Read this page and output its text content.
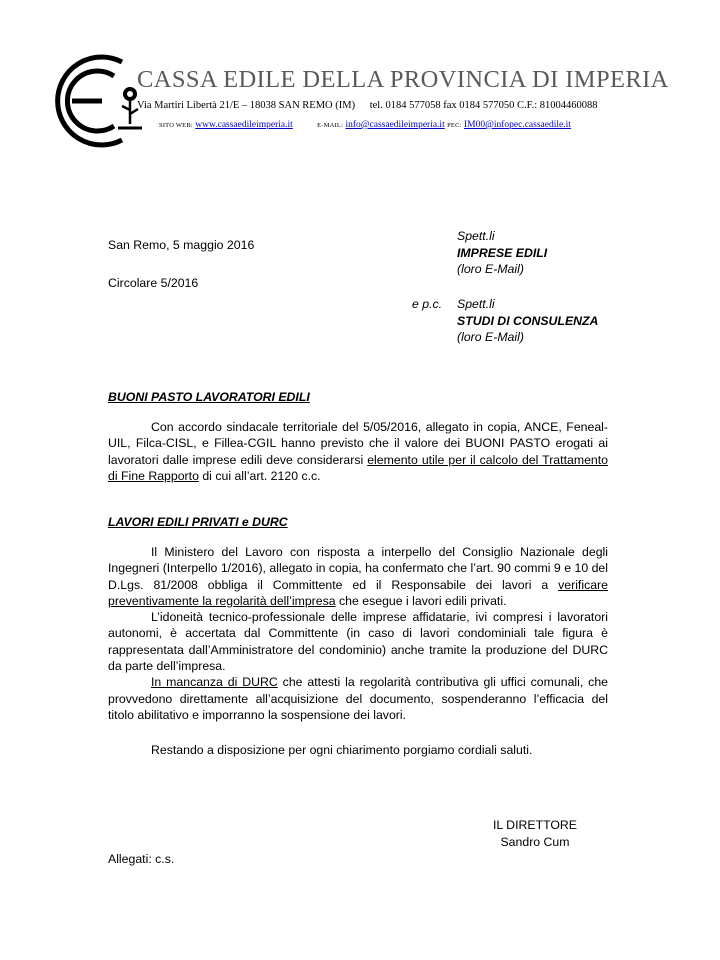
CASSA EDILE DELLA PROVINCIA DI IMPERIA
Via Martiri Libertà 21/E – 18038 SAN REMO (IM) tel. 0184 577058 fax 0184 577050 C.F.: 81004460088
SITO WEB: www.cassaedileimperia.it	E-MAIL: info@cassaedileimperia.it PEC: IM00@infopec.cassaedile.it
San Remo, 5 maggio 2016
Circolare 5/2016
Spett.li
IMPRESE EDILI
(loro E-Mail)
e p.c. Spett.li
STUDI DI CONSULENZA
(loro E-Mail)
BUONI PASTO LAVORATORI EDILI

Con accordo sindacale territoriale del 5/05/2016, allegato in copia, ANCE, Feneal-UIL, Filca-CISL, e Fillea-CGIL hanno previsto che il valore dei BUONI PASTO erogati ai lavoratori dalle imprese edili deve considerarsi elemento utile per il calcolo del Trattamento di Fine Rapporto di cui all’art. 2120 c.c.

LAVORI EDILI PRIVATI e DURC

Il Ministero del Lavoro con risposta a interpello del Consiglio Nazionale degli Ingegneri (Interpello 1/2016), allegato in copia, ha confermato che l’art. 90 commi 9 e 10 del D.Lgs. 81/2008 obbliga il Committente ed il Responsabile dei lavori a verificare preventivamente la regolarità dell’impresa che esegue i lavori edili privati.

L’idoneità tecnico-professionale delle imprese affidatarie, ivi compresi i lavoratori autonomi, è accertata dal Committente (in caso di lavori condominiali tale figura è rappresentata dall’Amministratore del condominio) anche tramite la produzione del DURC da parte dell’impresa.

In mancanza di DURC che attesti la regolarità contributiva gli uffici comunali, che provvedono direttamente all’acquisizione del documento, sospenderanno l’efficacia del titolo abilitativo e imporranno la sospensione dei lavori.

Restando a disposizione per ogni chiarimento porgiamo cordiali saluti.
IL DIRETTORE
Sandro Cum
Allegati: c.s.
